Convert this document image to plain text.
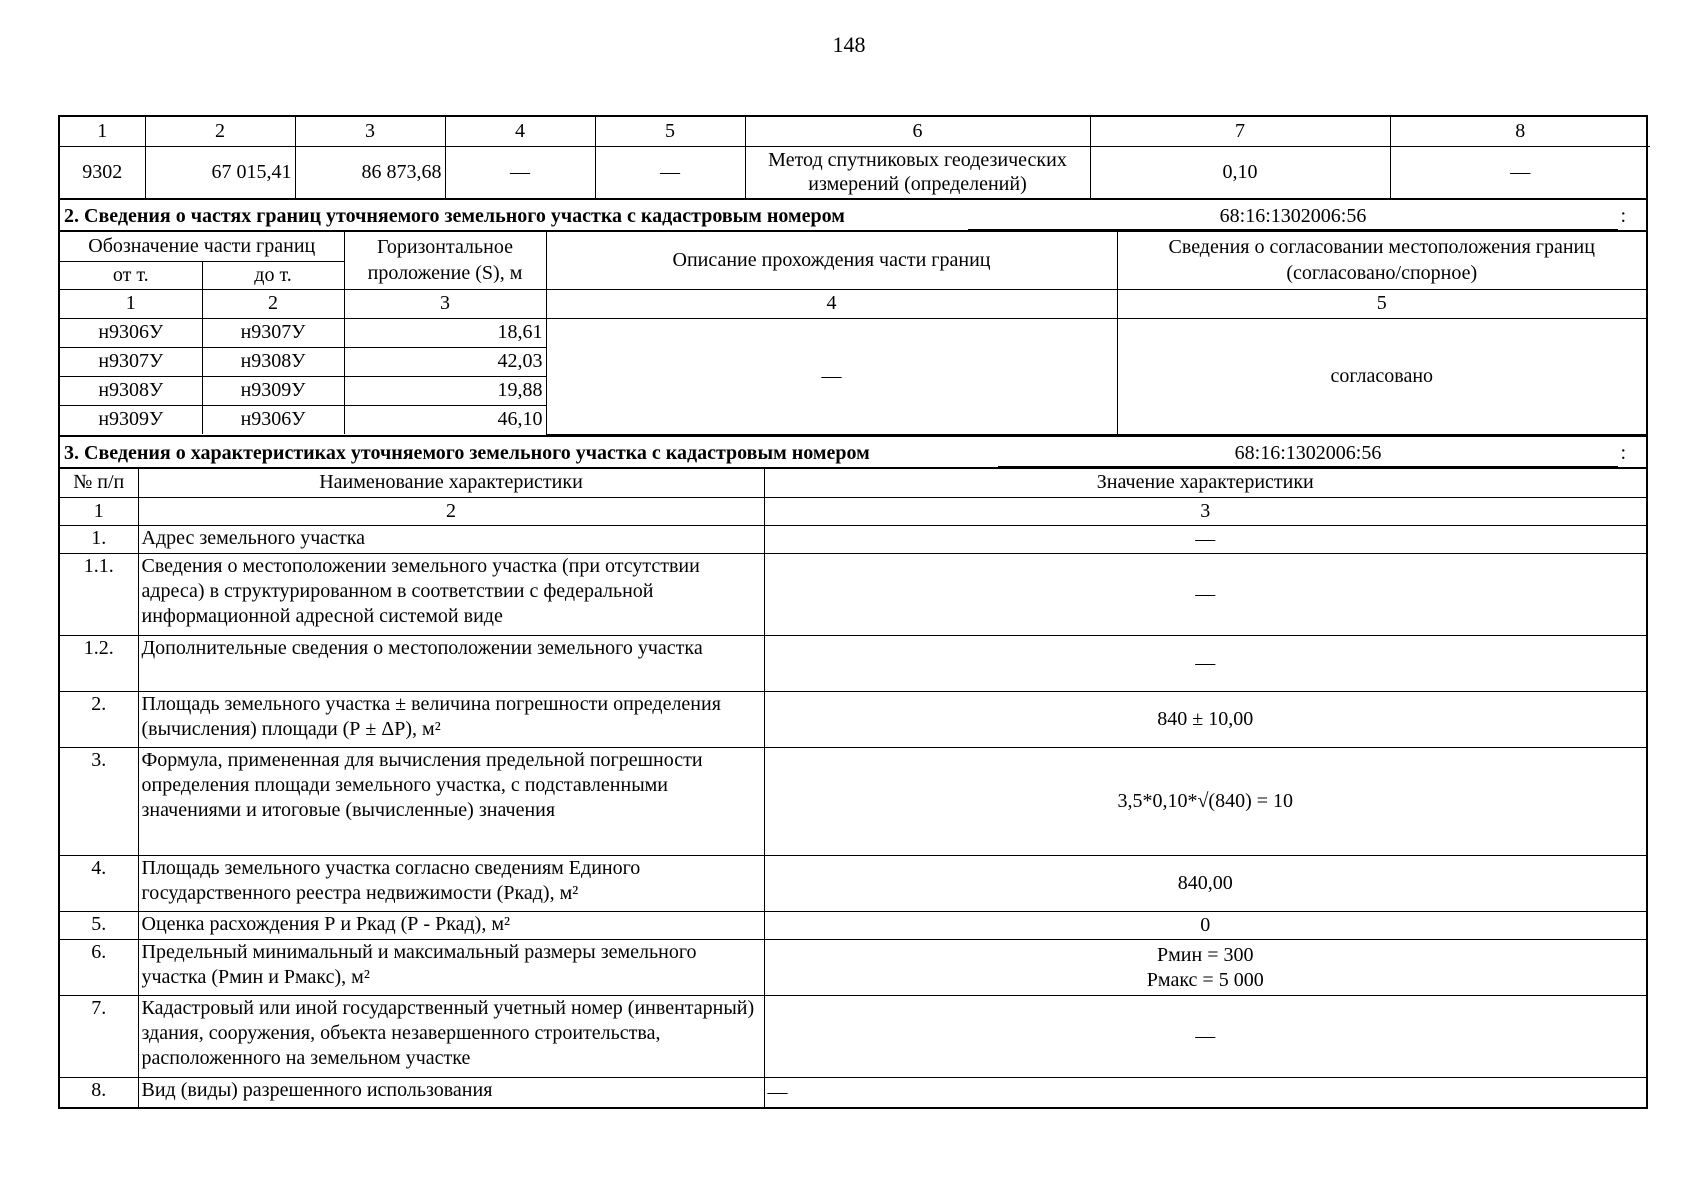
148
1	2	3	4	5	6	7	8
9302	67 015,41	86 873,68	—	—	Метод спутниковых геодезических измерений (определений)	0,10	—
2. Сведения о частях границ уточняемого земельного участка с кадастровым номером	68:16:1302006:56	:
Обозначение части границ		Горизонтальное проложение (S), м	Описание прохождения части границ	Сведения о согласовании местоположения границ (согласовано/спорное)
от т.	до т.			
1	2	3	4	5
н9306У	н9307У	18,61	—	согласовано
н9307У	н9308У	42,03		
н9308У	н9309У	19,88		
н9309У	н9306У	46,10		
3. Сведения о характеристиках уточняемого земельного участка с кадастровым номером	68:16:1302006:56	:
№ п/п	Наименование характеристики	Значение характеристики
1	2	3
1.	Адрес земельного участка	—
1.1.	Сведения о местоположении земельного участка (при отсутствии адреса) в структурированном в соответствии с федеральной информационной адресной системой виде	—
1.2.	Дополнительные сведения о местоположении земельного участка	—
2.	Площадь земельного участка ± величина погрешности определения (вычисления) площади (Р ± ΔР), м²	840 ± 10,00
3.	Формула, примененная для вычисления предельной погрешности определения площади земельного участка, с подставленными значениями и итоговые (вычисленные) значения	3,5*0,10*√(840) = 10
4.	Площадь земельного участка согласно сведениям Единого государственного реестра недвижимости (Ркад), м²	840,00
5.	Оценка расхождения Р и Ркад (Р - Ркад), м²	0
6.	Предельный минимальный и максимальный размеры земельного участка (Рмин и Рмакс), м²	Рмин = 300
Рмакс = 5 000

7.	Кадастровый или иной государственный учетный номер (инвентарный) здания, сооружения, объекта незавершенного строительства, расположенного на земельном участке	—
8.	Вид (виды) разрешенного использования	—
